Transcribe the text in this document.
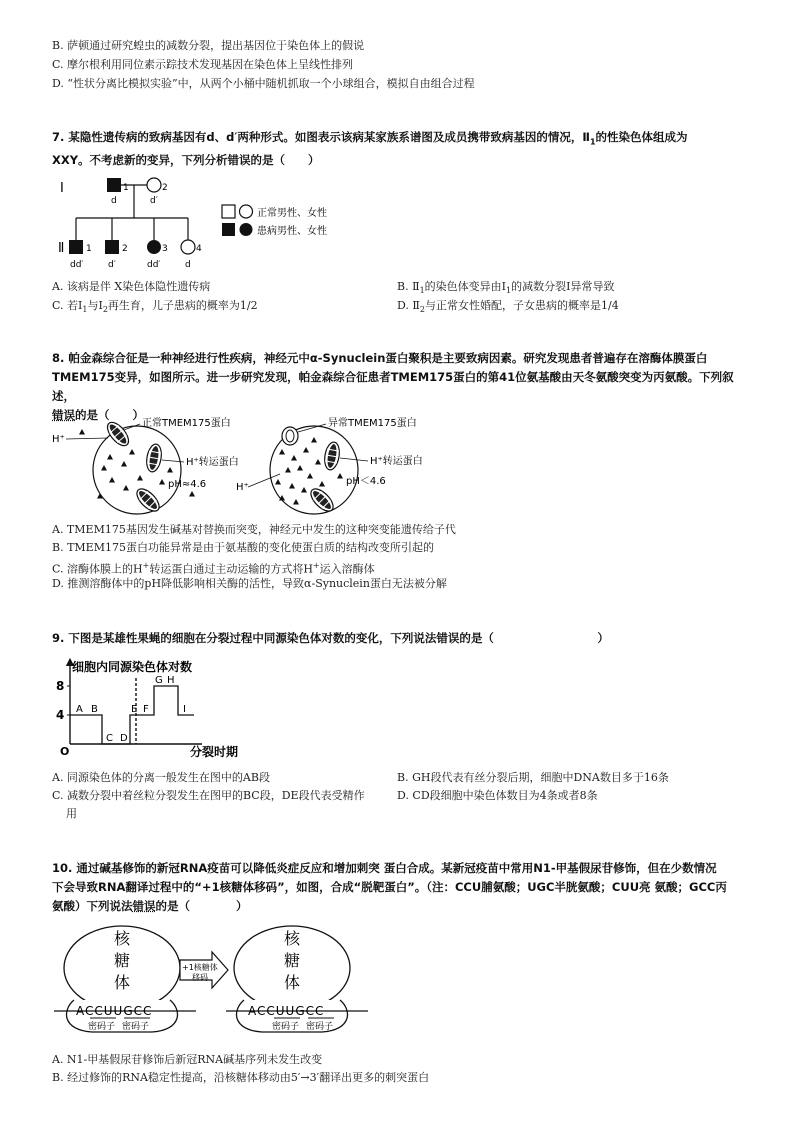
B. 萨顿通过研究蝗虫的减数分裂，提出基因位于染色体上的假说
C. 摩尔根利用同位素示踪技术发现基因在染色体上呈线性排列
D. “性状分离比模拟实验”中，从两个小桶中随机抓取一个小球组合，模拟自由组合过程
7. 某隐性遗传病的致病基因有d、d′两种形式。如图表示该病某家族系谱图及成员携带致病基因的情况，$Ⅱ_1$的性染色体组成为
XXY。不考虑新的变异，下列分析错误的是（　　）
I
Ⅱ
1	2
d	d′
1	2	3	4
dd′	d′	dd′	d
正常男性、女性
患病男性、女性
A. 该病是伴 X染色体隐性遗传病	B. $Ⅱ_1$的染色体变异由$Ⅰ_1$的减数分裂Ⅰ异常导致
C. 若$Ⅰ_1$与$Ⅰ_2$再生育，儿子患病的概率为1/2	D. $Ⅱ_2$与正常女性婚配，子女患病的概率是1/4
8. 帕金森综合征是一种神经进行性疾病，神经元中α-Synuclein蛋白聚积是主要致病因素。研究发现患者普遍存在溶酶体膜蛋白
TMEM175变异，如图所示。进一步研究发现，帕金森综合征患者TMEM175蛋白的第41位氨基酸由天冬氨酸突变为丙氨酸。下列叙述，
错误的是（　　）
H⁺
正常TMEM175蛋白
H⁺转运蛋白
pH≈4.6	H⁺
异常TMEM175蛋白
H⁺转运蛋白
pH＜4.6
A. TMEM175基因发生碱基对替换而突变，神经元中发生的这种突变能遗传给子代
B. TMEM175蛋白功能异常是由于氨基酸的变化使蛋白质的结构改变所引起的
C. 溶酶体膜上的H+转运蛋白通过主动运输的方式将H+运入溶酶体
D. 推测溶酶体中的pH降低影响相关酶的活性，导致α-Synuclein蛋白无法被分解
9. 下图是某雄性果蝇的细胞在分裂过程中同源染色体对数的变化，下列说法错误的是（　　　　　　　　　）
O
细胞内同源染色体对数
分裂时期
4
8
A B
C D
E F
G H
I
A. 同源染色体的分离一般发生在图中的AB段	B. GH段代表有丝分裂后期，细胞中DNA数目多于16条
C. 减数分裂中着丝粒分裂发生在图甲的BC段，DE段代表受精作	D. CD段细胞中染色体数目为4条或者8条
用
10. 通过碱基修饰的新冠RNA疫苗可以降低炎症反应和增加刺突 蛋白合成。某新冠疫苗中常用N1-甲基假尿苷修饰，但在少数情况
下会导致RNA翻译过程中的“+1核糖体移码”，如图，合成“脱靶蛋白”。（注：CCU脯氨酸；UGC半胱氨酸；CUU亮 氨酸；GCC丙
氨酸）下列说法错误的是（　　　　）
核
糖
体
ACCUUGCC
密码子 密码子
+1核糖体
移码
核
糖
体
ACCUUGCC
密码子 密码子
A. N1-甲基假尿苷修饰后新冠RNA碱基序列未发生改变
B. 经过修饰的RNA稳定性提高，沿核糖体移动由5′→3′翻译出更多的刺突蛋白
